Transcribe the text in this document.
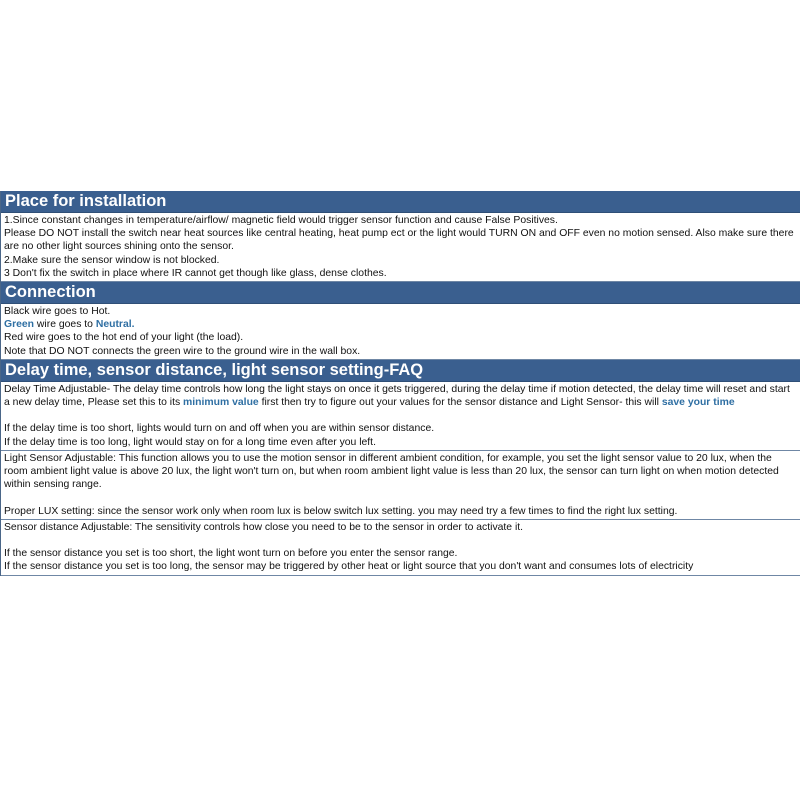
Place for installation

1.Since constant changes in temperature/airflow/ magnetic field would trigger sensor function and cause False Positives.

Please DO NOT install the switch near heat sources like central heating, heat pump ect or the light would TURN ON and OFF even no motion sensed. Also make sure there are no other light sources shining onto the sensor.

2.Make sure the sensor window is not blocked.

3 Don't fix the switch in place where IR cannot get though like glass, dense clothes.

Connection

Black wire goes to Hot.

Green wire goes to Neutral.

Red wire goes to the hot end of your light (the load).

Note that DO NOT connects the green wire to the ground wire in the wall box.

Delay time, sensor distance, light sensor setting-FAQ

Delay Time Adjustable- The delay time controls how long the light stays on once it gets triggered, during the delay time if motion detected, the delay time will reset and start a new delay time, Please set this to its minimum value first then try to figure out your values for the sensor distance and Light Sensor- this will save your time

If the delay time is too short, lights would turn on and off when you are within sensor distance.

If the delay time is too long, light would stay on for a long time even after you left.

Light Sensor Adjustable: This function allows you to use the motion sensor in different ambient condition, for example, you set the light sensor value to 20 lux, when the room ambient light value is above 20 lux, the light won't turn on, but when room ambient light value is less than 20 lux, the sensor can turn light on when motion detected within sensing range.

Proper LUX setting: since the sensor work only when room lux is below switch lux setting. you may need try a few times to find the right lux setting.

Sensor distance Adjustable: The sensitivity controls how close you need to be to the sensor in order to activate it.

If the sensor distance you set is too short, the light wont turn on before you enter the sensor range.

If the sensor distance you set is too long, the sensor may be triggered by other heat or light source that you don't want and consumes lots of electricity
